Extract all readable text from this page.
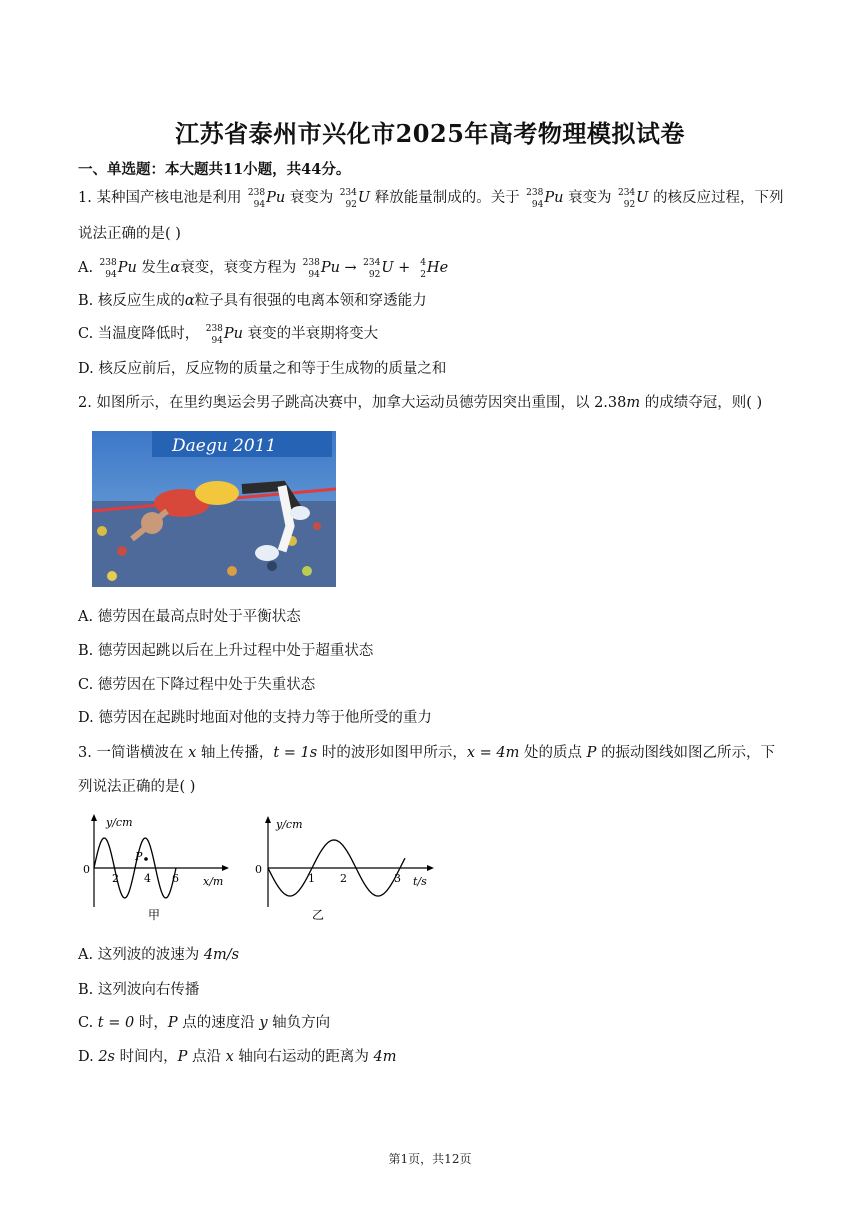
江苏省泰州市兴化市2025年高考物理模拟试卷
一、单选题：本大题共11小题，共44分。
1. 某种国产核电池是利用 238
94 Pu 衰变为 234
92 U 释放能量制成的。关于 238
94 Pu 衰变为 234
92 U 的核反应过程，下列
说法正确的是( )
A. 238
94 Pu 发生α衰变，衰变方程为 238
94 Pu → 234
92 U + 4
2 He
B. 核反应生成的α粒子具有很强的电离本领和穿透能力
C. 当温度降低时， 238
94 Pu 衰变的半衰期将变大
D. 核反应前后，反应物的质量之和等于生成物的质量之和
2. 如图所示，在里约奥运会男子跳高决赛中，加拿大运动员德劳因突出重围，以 2.38m 的成绩夺冠，则( )
Daegu 2011
A. 德劳因在最高点时处于平衡状态
B. 德劳因起跳以后在上升过程中处于超重状态
C. 德劳因在下降过程中处于失重状态
D. 德劳因在起跳时地面对他的支持力等于他所受的重力
3. 一简谐横波在 x 轴上传播，t = 1s 时的波形如图甲所示，x = 4m 处的质点 P 的振动图线如图乙所示，下
列说法正确的是( )
y/cm
x/m
0
2 4 6
P
甲
y/cm
t/s
0
1 2	3
乙
A. 这列波的波速为 4m/s
B. 这列波向右传播
C. t = 0 时，P 点的速度沿 y 轴负方向
D. 2s 时间内，P 点沿 x 轴向右运动的距离为 4m
第1页，共12页
